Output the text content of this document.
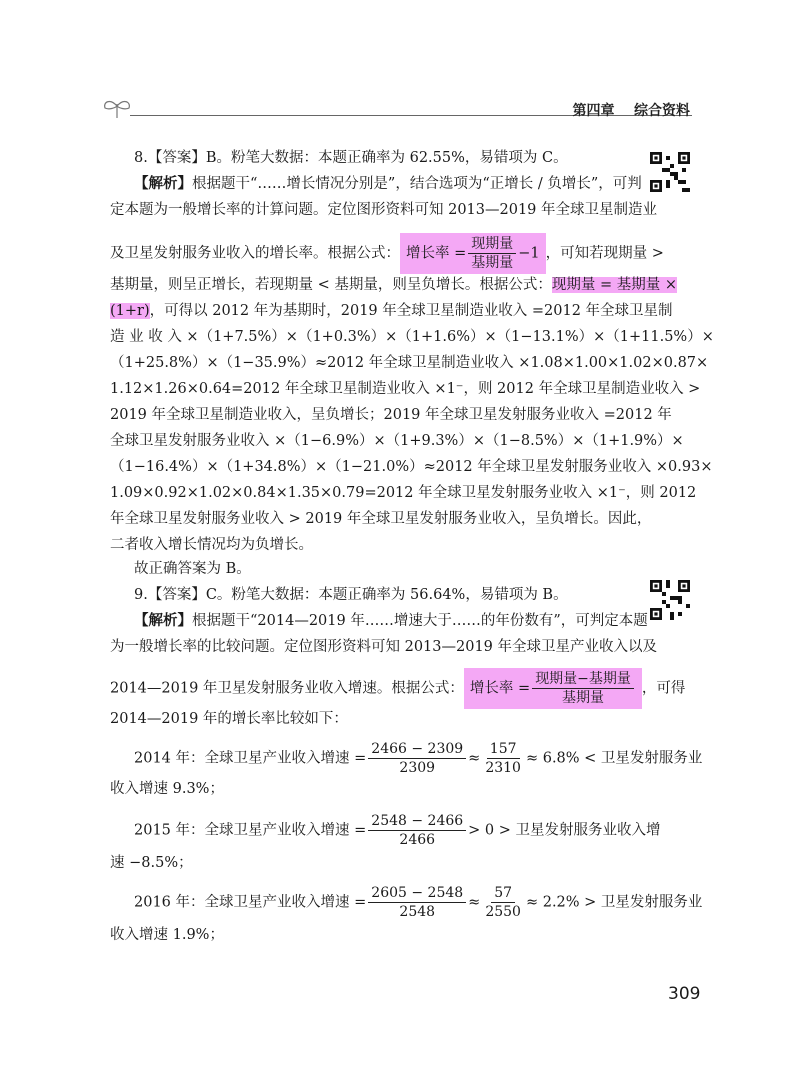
第四章 综合资料
8.【答案】B。粉笔大数据：本题正确率为 62.55%，易错项为 C。
【解析】根据题干“……增长情况分别是”，结合选项为“正增长 / 负增长”，可判
定本题为一般增长率的计算问题。定位图形资料可知 2013—2019 年全球卫星制造业
及卫星发射服务业收入的增长率。根据公式： 增长率 = $\frac{\text{现期量}}{\text{基期量}} -1$ ，可知若现期量 >
基期量，则呈正增长，若现期量 < 基期量，则呈负增长。根据公式：现期量 = 基期量 ×
(1+r)，可得以 2012 年为基期时，2019 年全球卫星制造业收入 =2012 年全球卫星制
造 业 收 入 ×（1+7.5%）×（1+0.3%）×（1+1.6%）×（1−13.1%）×（1+11.5%）×
（1+25.8%）×（1−35.9%）≈2012 年全球卫星制造业收入 ×1.08×1.00×1.02×0.87×
1.12×1.26×0.64=2012 年全球卫星制造业收入 ×1⁻，则 2012 年全球卫星制造业收入 >
2019 年全球卫星制造业收入，呈负增长；2019 年全球卫星发射服务业收入 =2012 年
全球卫星发射服务业收入 ×（1−6.9%）×（1+9.3%）×（1−8.5%）×（1+1.9%）×
（1−16.4%）×（1+34.8%）×（1−21.0%）≈2012 年全球卫星发射服务业收入 ×0.93×
1.09×0.92×1.02×0.84×1.35×0.79=2012 年全球卫星发射服务业收入 ×1⁻，则 2012
年全球卫星发射服务业收入 > 2019 年全球卫星发射服务业收入，呈负增长。因此，
二者收入增长情况均为负增长。
故正确答案为 B。
9.【答案】C。粉笔大数据：本题正确率为 56.64%，易错项为 B。
【解析】根据题干“2014—2019 年……增速大于……的年份数有”，可判定本题
为一般增长率的比较问题。定位图形资料可知 2013—2019 年全球卫星产业收入以及
2014—2019 年卫星发射服务业收入增速。根据公式： 增长率 = $\frac{\text{现期量−基期量}}{\text{基期量}}$ ，可得
2014—2019 年的增长率比较如下：
2014 年：全球卫星产业收入增速 = $\frac{2466 - 2309}{2309} \approx \frac{157}{2310} \approx 6.8\%$ < 卫星发射服务业
收入增速 9.3%；
2015 年：全球卫星产业收入增速 = $\frac{2548 - 2466}{2466} > 0$ > 卫星发射服务业收入增
速 −8.5%；
2016 年：全球卫星产业收入增速 = $\frac{2605 - 2548}{2548} \approx \frac{57}{2550} \approx 2.2\%$ > 卫星发射服务业
收入增速 1.9%；
309
